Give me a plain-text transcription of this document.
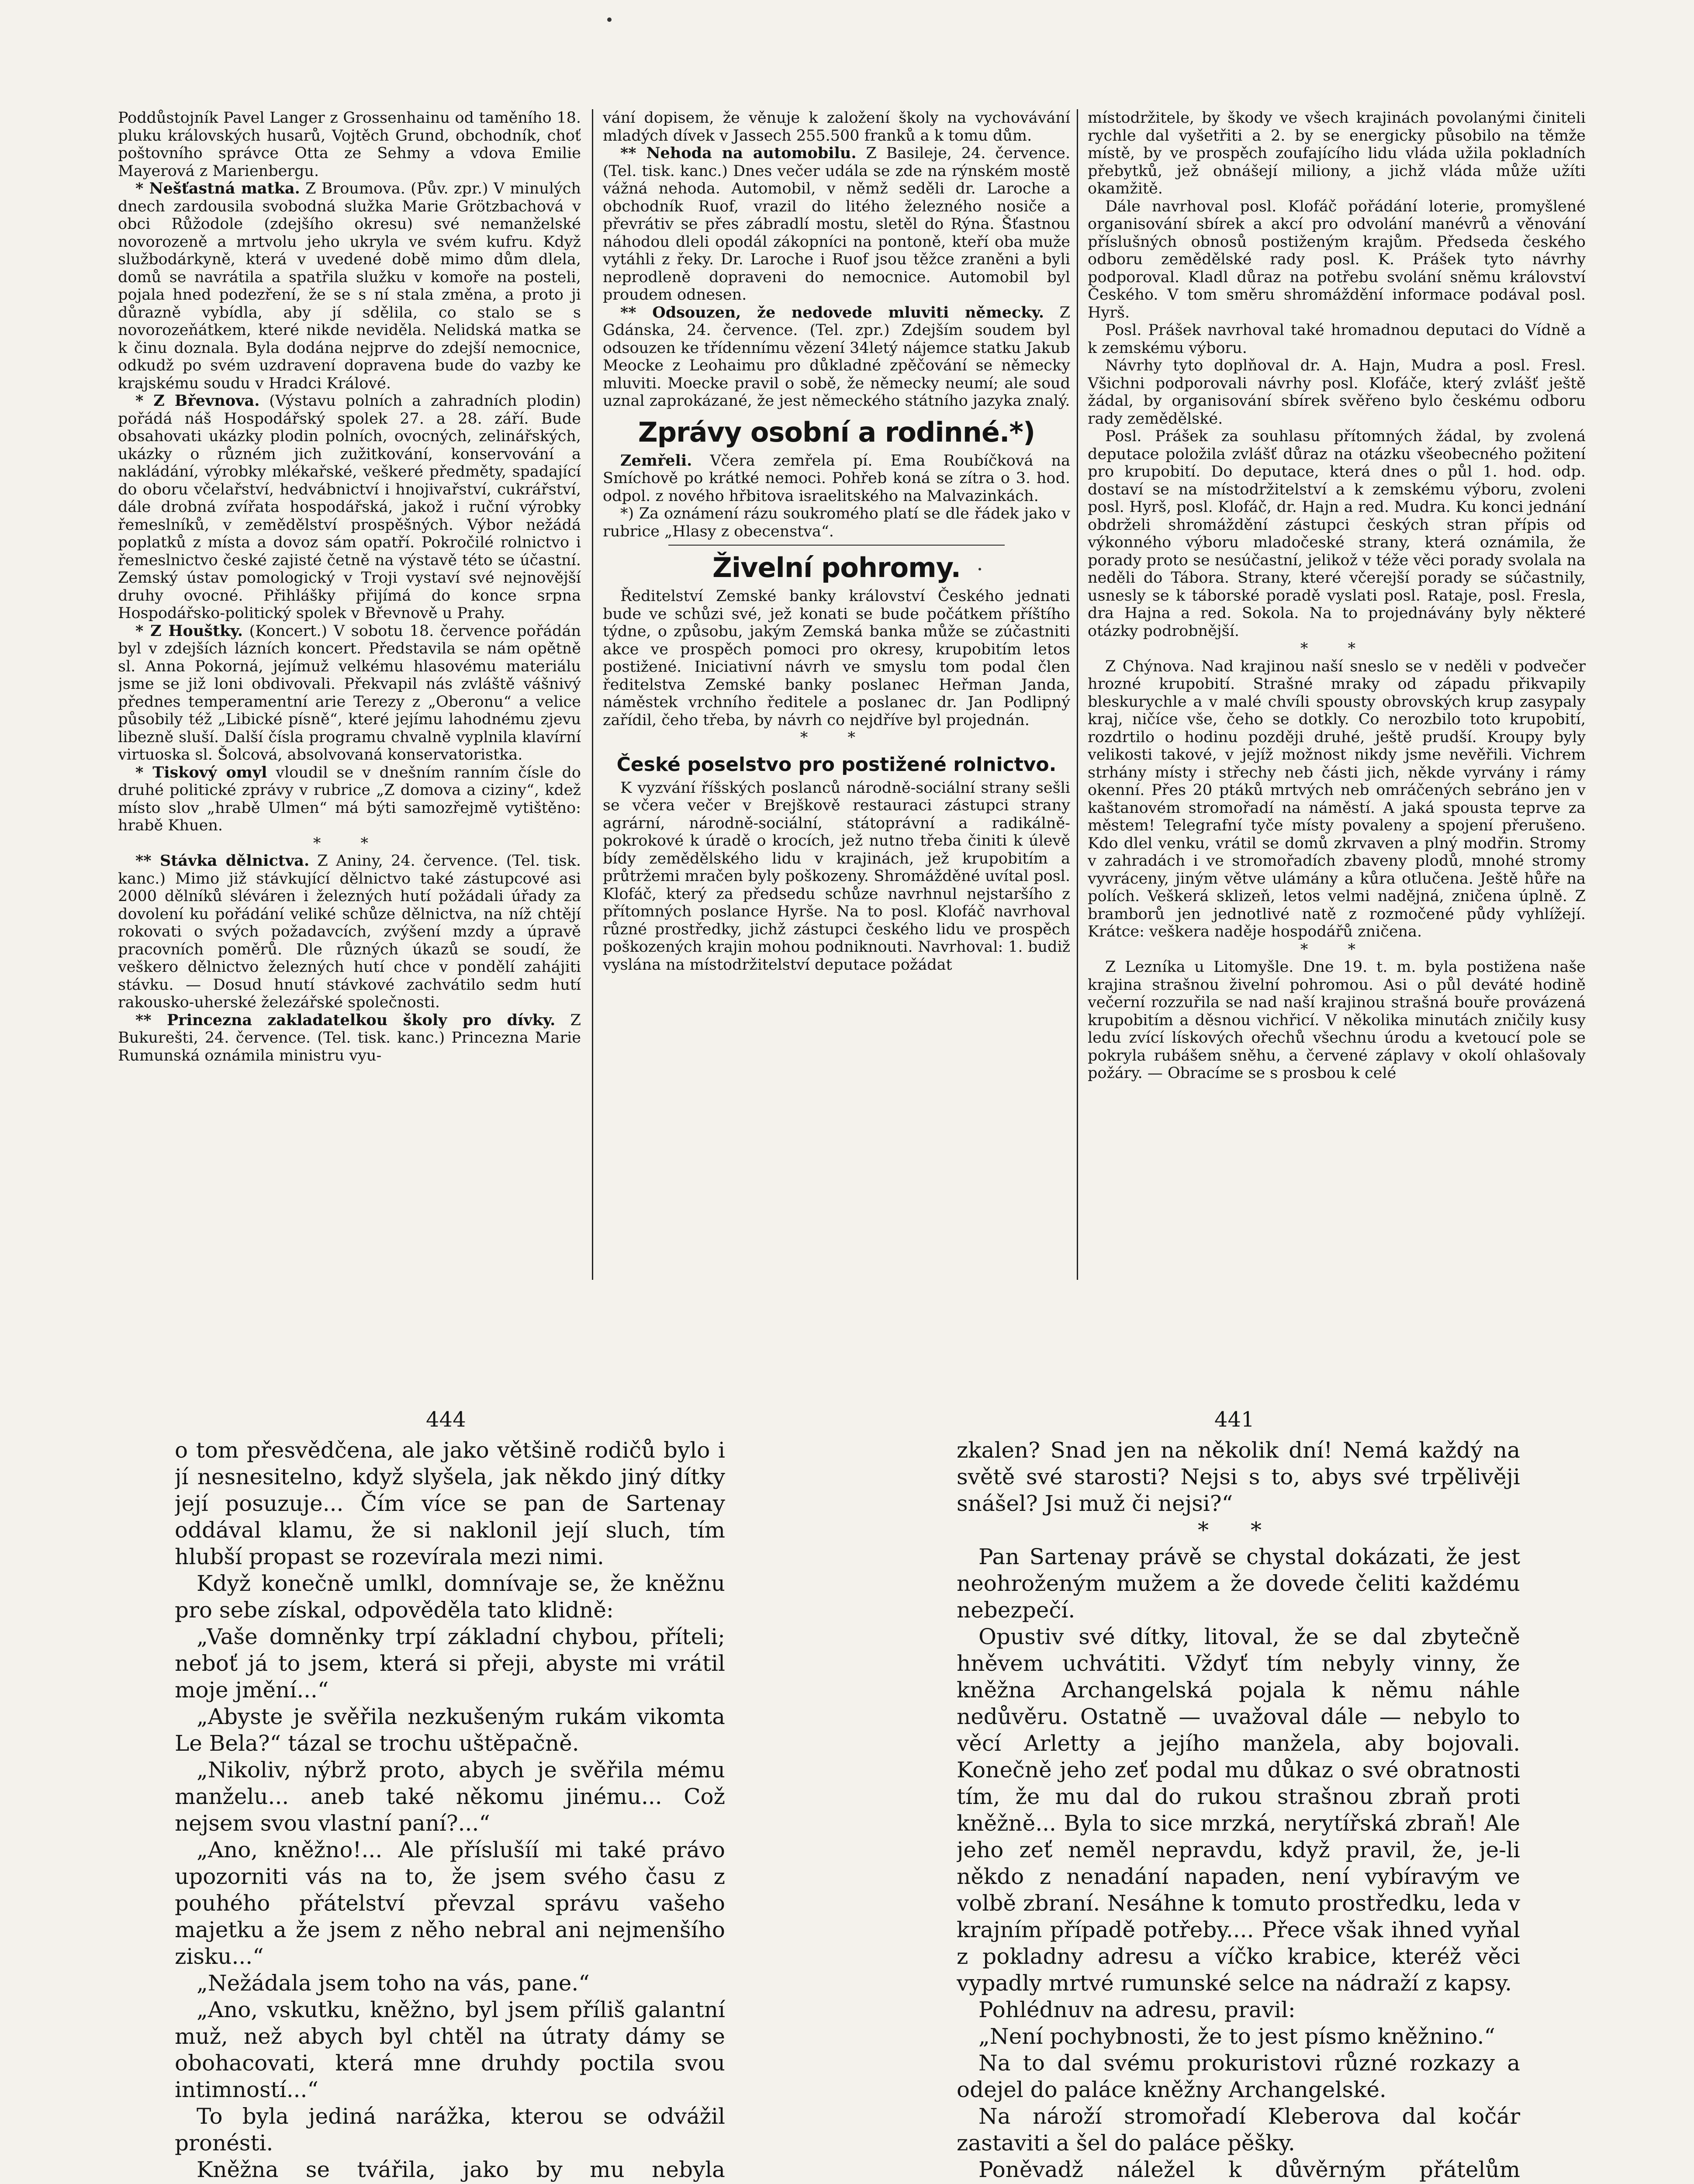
Poddůstojník Pavel Langer z Grossenhainu od taměního 18. pluku královských husarů, Vojtěch Grund, obchodník, choť poštovního správce Otta ze Sehmy a vdova Emilie Mayerová z Marienbergu.

* Nešťastná matka. Z Broumova. (Pův. zpr.) V minulých dnech zardousila svobodná služka Marie Grötzbachová v obci Růžodole (zdejšího okresu) své nemanželské novorozeně a mrtvolu jeho ukryla ve svém kufru. Když službodárkyně, která v uvedené době mimo dům dlela, domů se navrátila a spatřila služku v komoře na posteli, pojala hned podezření, že se s ní stala změna, a proto ji důrazně vybídla, aby jí sdělila, co stalo se s novorozeňátkem, které nikde neviděla. Nelidská matka se k činu doznala. Byla dodána nejprve do zdejší nemocnice, odkudž po svém uzdravení dopravena bude do vazby ke krajskému soudu v Hradci Králové.

* Z Břevnova. (Výstavu polních a zahradních plodin) pořádá náš Hospodářský spolek 27. a 28. září. Bude obsahovati ukázky plodin polních, ovocných, zelinářských, ukázky o různém jich zužitkování, konservování a nakládání, výrobky mlékařské, veškeré předměty, spadající do oboru včelařství, hedvábnictví i hnojivařství, cukrářství, dále drobná zvířata hospodářská, jakož i ruční výrobky řemeslníků, v zemědělství prospěšných. Výbor nežádá poplatků z místa a dovoz sám opatří. Pokročilé rolnictvo i řemeslnictvo české zajisté četně na výstavě této se účastní. Zemský ústav pomologický v Troji vystaví své nejnovější druhy ovocné. Přihlášky přijímá do konce srpna Hospodářsko-politický spolek v Břevnově u Prahy.

* Z Houštky. (Koncert.) V sobotu 18. července pořádán byl v zdejších lázních koncert. Představila se nám opětně sl. Anna Pokorná, jejímuž velkému hlasovému materiálu jsme se již loni obdivovali. Překvapil nás zvláště vášnivý přednes temperamentní arie Terezy z „Oberonu“ a velice působily též „Libické písně“, které jejímu lahodnému zjevu libezně sluší. Další čísla programu chvalně vyplnila klavírní virtuoska sl. Šolcová, absolvovaná konservatoristka.

* Tiskový omyl vloudil se v dnešním ranním čísle do druhé politické zprávy v rubrice „Z domova a ciziny“, kdež místo slov „hrabě Ulmen“ má býti samozřejmě vytištěno: hrabě Khuen.

* *

** Stávka dělnictva. Z Aniny, 24. července. (Tel. tisk. kanc.) Mimo již stávkující dělnictvo také zástupcové asi 2000 dělníků sléváren i železných hutí požádali úřady za dovolení ku pořádání veliké schůze dělnictva, na níž chtějí rokovati o svých požadavcích, zvýšení mzdy a úpravě pracovních poměrů. Dle různých úkazů se soudí, že veškero dělnictvo železných hutí chce v pondělí zahájiti stávku. — Dosud hnutí stávkové zachvátilo sedm hutí rakousko-uherské železářské společnosti.

** Princezna zakladatelkou školy pro dívky. Z Bukurešti, 24. července. (Tel. tisk. kanc.) Princezna Marie Rumunská oznámila ministru vyu-

vání dopisem, že věnuje k založení školy na vychovávání mladých dívek v Jassech 255.500 franků a k tomu dům.

** Nehoda na automobilu. Z Basileje, 24. července. (Tel. tisk. kanc.) Dnes večer udála se zde na rýnském mostě vážná nehoda. Automobil, v němž seděli dr. Laroche a obchodník Ruof, vrazil do litého železného nosiče a převrátiv se přes zábradlí mostu, sletěl do Rýna. Šťastnou náhodou dleli opodál zákopníci na pontoně, kteří oba muže vytáhli z řeky. Dr. Laroche i Ruof jsou těžce zraněni a byli neprodleně dopraveni do nemocnice. Automobil byl proudem odnesen.

** Odsouzen, že nedovede mluviti německy. Z Gdánska, 24. července. (Tel. zpr.) Zdejším soudem byl odsouzen ke třídennímu vězení 34letý nájemce statku Jakub Meocke z Leohaimu pro důkladné zpěčování se německy mluviti. Moecke pravil o sobě, že německy neumí; ale soud uznal zaprokázané, že jest německého státního jazyka znalý.

Zprávy osobní a rodinné.*)

Zemřeli. Včera zemřela pí. Ema Roubíčková na Smíchově po krátké nemoci. Pohřeb koná se zítra o 3. hod. odpol. z nového hřbitova israelitského na Malvazinkách.

*) Za oznámení rázu soukromého platí se dle řádek jako v rubrice „Hlasy z obecenstva“.

Živelní pohromy.

Ředitelství Zemské banky království Českého jednati bude ve schůzi své, jež konati se bude počátkem příštího týdne, o způsobu, jakým Zemská banka může se zúčastniti akce ve prospěch pomoci pro okresy, krupobitím letos postižené. Iniciativní návrh ve smyslu tom podal člen ředitelstva Zemské banky poslanec Heřman Janda, náměstek vrchního ředitele a poslanec dr. Jan Podlipný zařídil, čeho třeba, by návrh co nejdříve byl projednán.

* *

České poselstvo pro postižené rolnictvo.

K vyzvání říšských poslanců národně-sociální strany sešli se včera večer v Brejškově restauraci zástupci strany agrární, národně-sociální, státoprávní a radikálně-pokrokové k úradě o krocích, jež nutno třeba činiti k úlevě bídy zemědělského lidu v krajinách, jež krupobitím a průtržemi mračen byly poškozeny. Shromážděné uvítal posl. Klofáč, který za předsedu schůze navrhnul nejstaršího z přítomných poslance Hyrše. Na to posl. Klofáč navrhoval různé prostředky, jichž zástupci českého lidu ve prospěch poškozených krajin mohou podniknouti. Navrhoval: 1. budiž vyslána na místodržitelství deputace požádat

místodržitele, by škody ve všech krajinách povolanými činiteli rychle dal vyšetřiti a 2. by se energicky působilo na těmže místě, by ve prospěch zoufajícího lidu vláda užila pokladních přebytků, jež obnášejí miliony, a jichž vláda může užíti okamžitě.

Dále navrhoval posl. Klofáč pořádání loterie, promyšlené organisování sbírek a akcí pro odvolání manévrů a věnování příslušných obnosů postiženým krajům. Předseda českého odboru zemědělské rady posl. K. Prášek tyto návrhy podporoval. Kladl důraz na potřebu svolání sněmu království Českého. V tom směru shromáždění informace podával posl. Hyrš.

Posl. Prášek navrhoval také hromadnou deputaci do Vídně a k zemskému výboru.

Návrhy tyto doplňoval dr. A. Hajn, Mudra a posl. Fresl. Všichni podporovali návrhy posl. Klofáče, který zvlášť ještě žádal, by organisování sbírek svěřeno bylo českému odboru rady zemědělské.

Posl. Prášek za souhlasu přítomných žádal, by zvolená deputace položila zvlášť důraz na otázku všeobecného požitení pro krupobití. Do deputace, která dnes o půl 1. hod. odp. dostaví se na místodržitelství a k zemskému výboru, zvoleni posl. Hyrš, posl. Klofáč, dr. Hajn a red. Mudra. Ku konci jednání obdrželi shromáždění zástupci českých stran přípis od výkonného výboru mladočeské strany, která oznámila, že porady proto se nesúčastní, jelikož v téže věci porady svolala na neděli do Tábora. Strany, které včerejší porady se súčastnily, usnesly se k táborské poradě vyslati posl. Rataje, posl. Fresla, dra Hajna a red. Sokola. Na to projednávány byly některé otázky podrobnější.

* *

Z Chýnova. Nad krajinou naší sneslo se v neděli v podvečer hrozné krupobití. Strašné mraky od západu přikvapily bleskurychle a v malé chvíli spousty obrovských krup zasypaly kraj, ničíce vše, čeho se dotkly. Co nerozbilo toto krupobití, rozdrtilo o hodinu později druhé, ještě prudší. Kroupy byly velikosti takové, v jejíž možnost nikdy jsme nevěřili. Vichrem strhány místy i střechy neb části jich, někde vyrvány i rámy okenní. Přes 20 ptáků mrtvých neb omráčených sebráno jen v kaštanovém stromořadí na náměstí. A jaká spousta teprve za městem! Telegrafní tyče místy povaleny a spojení přerušeno. Kdo dlel venku, vrátil se domů zkrvaven a plný modřin. Stromy v zahradách i ve stromořadích zbaveny plodů, mnohé stromy vyvráceny, jiným větve ulámány a kůra otlučena. Ještě hůře na polích. Veškerá sklizeň, letos velmi nadějná, zničena úplně. Z bramborů jen jednotlivé natě z rozmočené půdy vyhlížejí. Krátce: veškera naděje hospodářů zničena.

* *

Z Lezníka u Litomyšle. Dne 19. t. m. byla postižena naše krajina strašnou živelní pohromou. Asi o půl deváté hodině večerní rozzuřila se nad naší krajinou strašná bouře provázená krupobitím a děsnou vichřicí. V několika minutách zničily kusy ledu zvící lískových ořechů všechnu úrodu a kvetoucí pole se pokryla rubášem sněhu, a červené záplavy v okolí ohlašovaly požáry. — Obracíme se s prosbou k celé

444	441

o tom přesvědčena, ale jako většině rodičů bylo i jí nesnesitelno, když slyšela, jak někdo jiný dítky její posuzuje... Čím více se pan de Sartenay oddával klamu, že si naklonil její sluch, tím hlubší propast se rozevírala mezi nimi.

Když konečně umlkl, domnívaje se, že kněžnu pro sebe získal, odpověděla tato klidně:

„Vaše domněnky trpí základní chybou, příteli; neboť já to jsem, která si přeji, abyste mi vrátil moje jmění...“

„Abyste je svěřila nezkušeným rukám vikomta Le Bela?“ tázal se trochu uštěpačně.

„Nikoliv, nýbrž proto, abych je svěřila mému manželu... aneb také někomu jinému... Což nejsem svou vlastní paní?...“

„Ano, kněžno!... Ale příslušíí mi také právo upozorniti vás na to, že jsem svého času z pouhého přátelství převzal správu vašeho majetku a že jsem z něho nebral ani nejmenšího zisku...“

„Nežádala jsem toho na vás, pane.“

„Ano, vskutku, kněžno, byl jsem příliš galantní muž, než abych byl chtěl na útraty dámy se obohacovati, která mne druhdy poctila svou intimností...“

To byla jediná narážka, kterou se odvážil pronésti.

Kněžna se tvářila, jako by mu nebyla

zkalen? Snad jen na několik dní! Nemá každý na světě své starosti? Nejsi s to, abys své trpělivěji snášel? Jsi muž či nejsi?“

* *

Pan Sartenay právě se chystal dokázati, že jest neohroženým mužem a že dovede čeliti každému nebezpečí.

Opustiv své dítky, litoval, že se dal zbytečně hněvem uchvátiti. Vždyť tím nebyly vinny, že kněžna Archangelská pojala k němu náhle nedůvěru. Ostatně — uvažoval dále — nebylo to věcí Arletty a jejího manžela, aby bojovali. Konečně jeho zeť podal mu důkaz o své obratnosti tím, že mu dal do rukou strašnou zbraň proti kněžně... Byla to sice mrzká, nerytířská zbraň! Ale jeho zeť neměl nepravdu, když pravil, že, je-li někdo z nenadání napaden, není vybíravým ve volbě zbraní. Nesáhne k tomuto prostředku, leda v krajním případě potřeby.... Přece však ihned vyňal z pokladny adresu a víčko krabice, kteréž věci vypadly mrtvé rumunské selce na nádraží z kapsy.

Pohlédnuv na adresu, pravil:

„Není pochybnosti, že to jest písmo kněžnino.“

Na to dal svému prokuristovi různé rozkazy a odejel do paláce kněžny Archangelské.

Na nároží stromořadí Kleberova dal kočár zastaviti a šel do paláce pěšky.

Poněvadž náležel k důvěrným přátelům
